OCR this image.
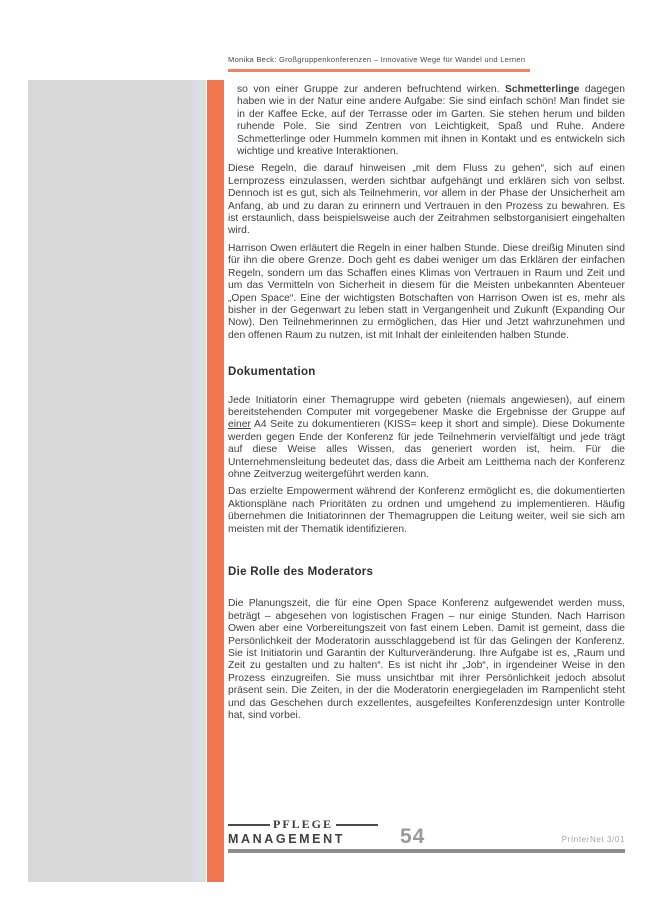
Monika Beck: Großgruppenkonferenzen – Innovative Wege für Wandel und Lernen

so von einer Gruppe zur anderen befruchtend wirken. Schmetterlinge dagegen haben wie in der Natur eine andere Aufgabe: Sie sind einfach schön! Man findet sie in der Kaffee Ecke, auf der Terrasse oder im Garten. Sie stehen herum und bilden ruhende Pole. Sie sind Zentren von Leichtigkeit, Spaß und Ruhe. Andere Schmetterlinge oder Hummeln kommen mit ihnen in Kontakt und es entwickeln sich wichtige und kreative Interaktionen.

Diese Regeln, die darauf hinweisen „mit dem Fluss zu gehen“, sich auf einen Lernprozess einzulassen, werden sichtbar aufgehängt und erklären sich von selbst. Dennoch ist es gut, sich als Teilnehmerin, vor allem in der Phase der Unsicherheit am Anfang, ab und zu daran zu erinnern und Vertrauen in den Prozess zu bewahren. Es ist erstaunlich, dass beispielsweise auch der Zeitrahmen selbstorganisiert eingehalten wird.

Harrison Owen erläutert die Regeln in einer halben Stunde. Diese dreißig Minuten sind für ihn die obere Grenze. Doch geht es dabei weniger um das Erklären der einfachen Regeln, sondern um das Schaffen eines Klimas von Vertrauen in Raum und Zeit und um das Vermitteln von Sicherheit in diesem für die Meisten unbekannten Abenteuer „Open Space“. Eine der wichtigsten Botschaften von Harrison Owen ist es, mehr als bisher in der Gegenwart zu leben statt in Vergangenheit und Zukunft (Expanding Our Now). Den Teilnehmerinnen zu ermöglichen, das Hier und Jetzt wahrzunehmen und den offenen Raum zu nutzen, ist mit Inhalt der einleitenden halben Stunde.

Dokumentation

Jede Initiatorin einer Themagruppe wird gebeten (niemals angewiesen), auf einem bereitstehenden Computer mit vorgegebener Maske die Ergebnisse der Gruppe auf einer A4 Seite zu dokumentieren (KISS= keep it short and simple). Diese Dokumente werden gegen Ende der Konferenz für jede Teilnehmerin vervielfältigt und jede trägt auf diese Weise alles Wissen, das generiert worden ist, heim. Für die Unternehmensleitung bedeutet das, dass die Arbeit am Leitthema nach der Konferenz ohne Zeitverzug weitergeführt werden kann.

Das erzielte Empowerment während der Konferenz ermöglicht es, die dokumentierten Aktionspläne nach Prioritäten zu ordnen und umgehend zu implementieren. Häufig übernehmen die Initiatorinnen der Themagruppen die Leitung weiter, weil sie sich am meisten mit der Thematik identifizieren.

Die Rolle des Moderators

Die Planungszeit, die für eine Open Space Konferenz aufgewendet werden muss, beträgt – abgesehen von logistischen Fragen – nur einige Stunden. Nach Harrison Owen aber eine Vorbereitungszeit von fast einem Leben. Damit ist gemeint, dass die Persönlichkeit der Moderatorin ausschlaggebend ist für das Gelingen der Konferenz. Sie ist Initiatorin und Garantin der Kulturveränderung. Ihre Aufgabe ist es, „Raum und Zeit zu gestalten und zu halten“. Es ist nicht ihr „Job“, in irgendeiner Weise in den Prozess einzugreifen. Sie muss unsichtbar mit ihrer Persönlichkeit jedoch absolut präsent sein. Die Zeiten, in der die Moderatorin energiegeladen im Rampenlicht steht und das Geschehen durch exzellentes, ausgefeiltes Konferenzdesign unter Kontrolle hat, sind vorbei.

PFLEGE
MANAGEMENT	54	PrInterNet 3/01
